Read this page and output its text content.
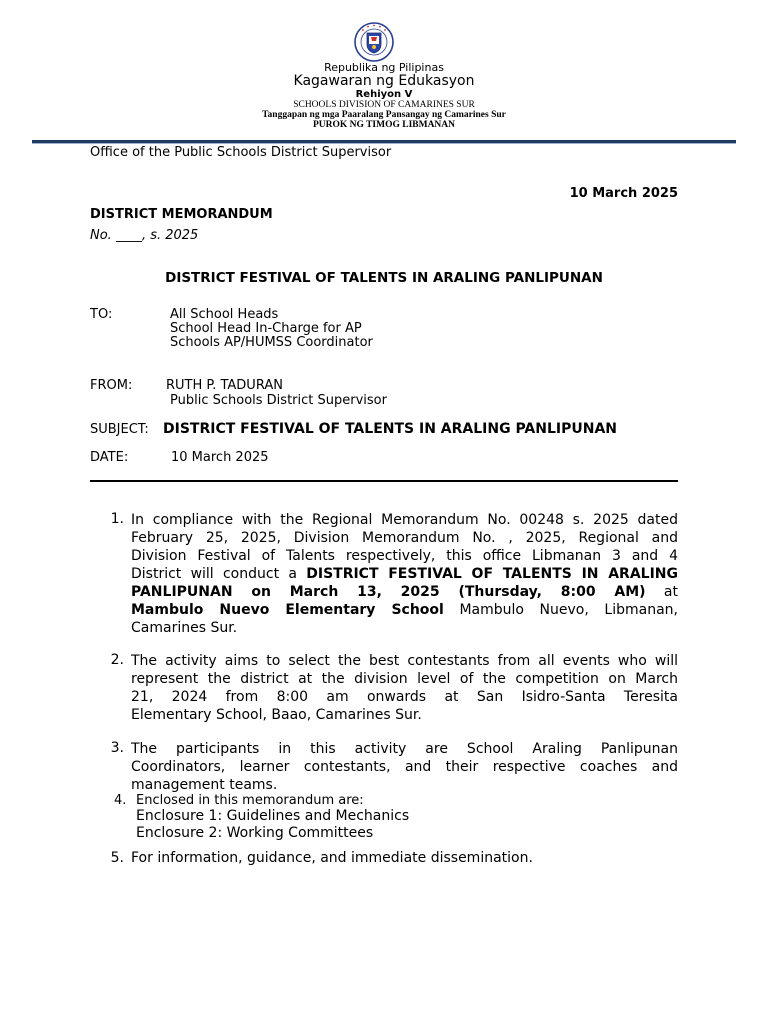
Republika ng Pilipinas
Kagawaran ng Edukasyon
Rehiyon V
SCHOOLS DIVISION OF CAMARINES SUR
Tanggapan ng mga Paaralang Pansangay ng Camarines Sur
PUROK NG TIMOG LIBMANAN
Office of the Public Schools District Supervisor
10 March 2025
DISTRICT MEMORANDUM
No. ____, s. 2025
DISTRICT FESTIVAL OF TALENTS IN ARALING PANLIPUNAN
TO:	All School Heads
School Head In-Charge for AP
Schools AP/HUMSS Coordinator
FROM:	RUTH P. TADURAN
Public Schools District Supervisor
SUBJECT: DISTRICT FESTIVAL OF TALENTS IN ARALING PANLIPUNAN
DATE:	10 March 2025
1. In compliance with the Regional Memorandum No. 00248 s. 2025 dated
February 25, 2025, Division Memorandum No. , 2025, Regional and
Division Festival of Talents respectively, this office Libmanan 3 and 4
District will conduct a DISTRICT FESTIVAL OF TALENTS IN ARALING
PANLIPUNAN on March 13, 2025 (Thursday, 8:00 AM) at
Mambulo Nuevo Elementary School Mambulo Nuevo, Libmanan,
Camarines Sur.
2. The activity aims to select the best contestants from all events who will
represent the district at the division level of the competition on March
21, 2024 from 8:00 am onwards at San Isidro-Santa Teresita
Elementary School, Baao, Camarines Sur.
3. The participants in this activity are School Araling Panlipunan
Coordinators, learner contestants, and their respective coaches and
management teams.
4. Enclosed in this memorandum are:
Enclosure 1: Guidelines and Mechanics
Enclosure 2: Working Committees
5. For information, guidance, and immediate dissemination.
